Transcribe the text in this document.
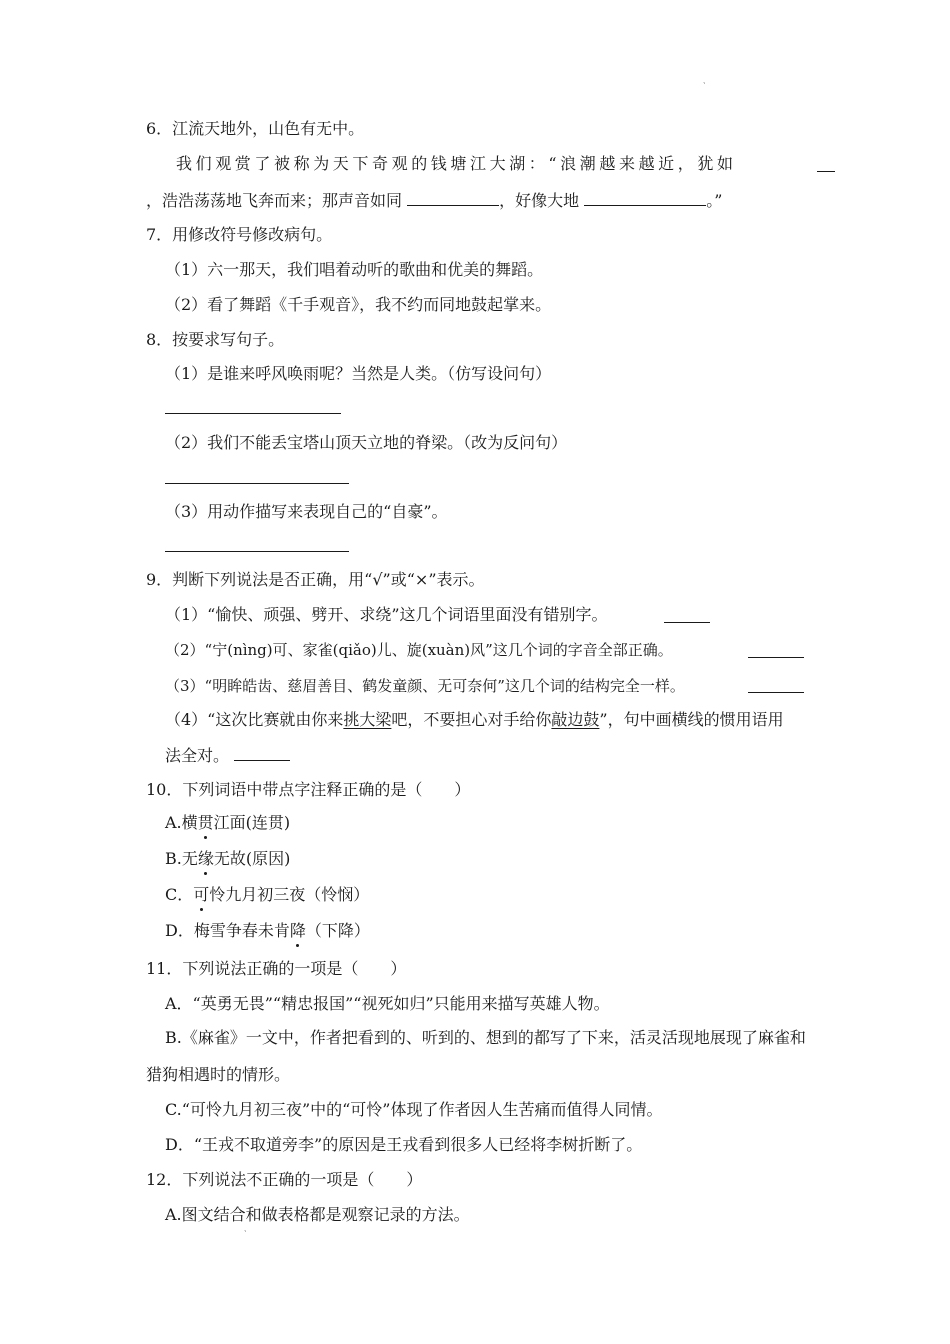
、
6．江流天地外，山色有无中。
我们观赏了被称为天下奇观的钱塘江大湖：“浪潮越来越近，犹如
，浩浩荡荡地飞奔而来；那声音如同	，好像大地	。”
7．用修改符号修改病句。
（1）六一那天，我们唱着动听的歌曲和优美的舞蹈。
（2）看了舞蹈《千手观音》，我不约而同地鼓起掌来。
8．按要求写句子。
（1）是谁来呼风唤雨呢？当然是人类。（仿写设问句）
（2）我们不能丢宝塔山顶天立地的脊梁。（改为反问句）
（3）用动作描写来表现自己的“自豪”。
9．判断下列说法是否正确，用“√”或“×”表示。
（1）“愉快、顽强、劈开、求绕”这几个词语里面没有错别字。
（2）“宁(nìng)可、家雀(qiǎo)儿、旋(xuàn)风”这几个词的字音全部正确。
（3）“明眸皓齿、慈眉善目、鹤发童颜、无可奈何”这几个词的结构完全一样。
（4）“这次比赛就由你来挑大梁吧，不要担心对手给你敲边鼓”，句中画横线的惯用语用
法全对。
10．下列词语中带点字注释正确的是（　　）
A.横贯江面(连贯)
B.无缘无故(原因)
C．可怜九月初三夜（怜悯）
D．梅雪争春未肯降（下降）
11．下列说法正确的一项是（　　）
A．“英勇无畏”“精忠报国”“视死如归”只能用来描写英雄人物。
B.《麻雀》一文中，作者把看到的、听到的、想到的都写了下来，活灵活现地展现了麻雀和
猎狗相遇时的情形。
C.“可怜九月初三夜”中的“可怜”体现了作者因人生苦痛而值得人同情。
D．“王戎不取道旁李”的原因是王戎看到很多人已经将李树折断了。
12．下列说法不正确的一项是（　　）
A.图文结合和做表格都是观察记录的方法。
、
